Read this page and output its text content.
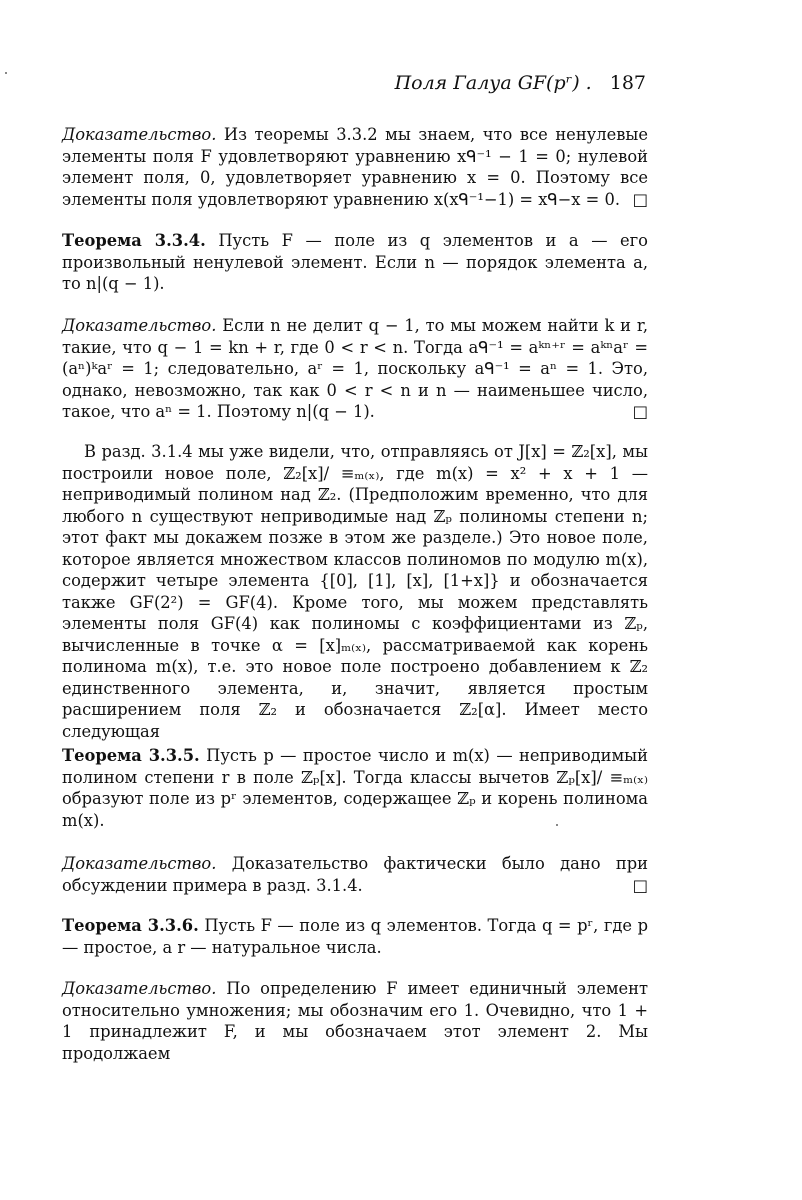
Поля Галуа GF(pʳ) . 187

Доказательство. Из теоремы 3.3.2 мы знаем, что все ненулевые элементы поля F удовлетворяют уравнению xᑫ⁻¹ − 1 = 0; нулевой элемент поля, 0, удовлетворяет уравнению x = 0. Поэтому все элементы поля удовлетворяют уравнению x(xᑫ⁻¹−1) = xᑫ−x = 0. □

Теорема 3.3.4. Пусть F — поле из q элементов и a — его произвольный ненулевой элемент. Если n — порядок элемента a, то n|(q − 1).

Доказательство. Если n не делит q − 1, то мы можем найти k и r, такие, что q − 1 = kn + r, где 0 < r < n. Тогда aᑫ⁻¹ = aᵏⁿ⁺ʳ = aᵏⁿaʳ = (aⁿ)ᵏaʳ = 1; следовательно, aʳ = 1, поскольку aᑫ⁻¹ = aⁿ = 1. Это, однако, невозможно, так как 0 < r < n и n — наименьшее число, такое, что aⁿ = 1. Поэтому n|(q − 1).	□

В разд. 3.1.4 мы уже видели, что, отправляясь от J[x] = ℤ₂[x], мы построили новое поле, ℤ₂[x]/ ≡ₘ₍ₓ₎, где m(x) = x² + x + 1 — неприводимый полином над ℤ₂. (Предположим временно, что для любого n существуют неприводимые над ℤₚ полиномы степени n; этот факт мы докажем позже в этом же разделе.) Это новое поле, которое является множеством классов полиномов по модулю m(x), содержит четыре элемента {[0], [1], [x], [1+x]} и обозначается также GF(2²) = GF(4). Кроме того, мы можем представлять элементы поля GF(4) как полиномы с коэффициентами из ℤₚ, вычисленные в точке α = [x]ₘ₍ₓ₎, рассматриваемой как корень полинома m(x), т.е. это новое поле построено добавлением к ℤ₂ единственного элемента, и, значит, является простым расширением поля ℤ₂ и обозначается ℤ₂[α]. Имеет место следующая

Теорема 3.3.5. Пусть p — простое число и m(x) — неприводимый полином степени r в поле ℤₚ[x]. Тогда классы вычетов ℤₚ[x]/ ≡ₘ₍ₓ₎ образуют поле из pʳ элементов, содержащее ℤₚ и корень полинома m(x).

Доказательство. Доказательство фактически было дано при обсуждении примера в разд. 3.1.4.	□

Теорема 3.3.6. Пусть F — поле из q элементов. Тогда q = pʳ, где p — простое, а r — натуральное числа.

Доказательство. По определению F имеет единичный элемент относительно умножения; мы обозначим его 1. Очевидно, что 1 + 1 принадлежит F, и мы обозначаем этот элемент 2. Мы продолжаем
